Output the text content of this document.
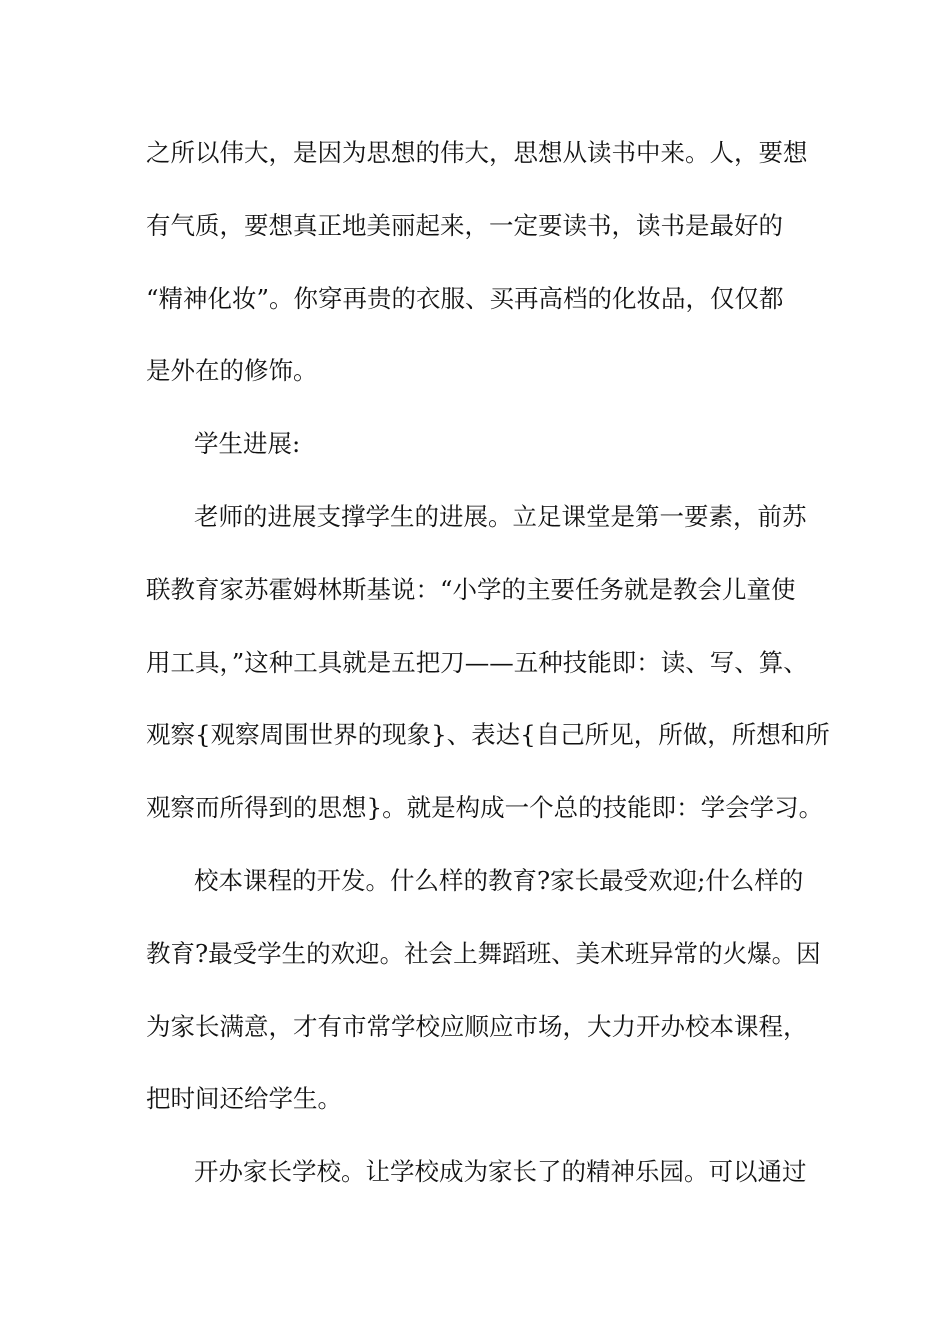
之所以伟大，是因为思想的伟大，思想从读书中来。人，要想
有气质，要想真正地美丽起来，一定要读书，读书是最好的
“精神化妆”。你穿再贵的衣服、买再高档的化妆品，仅仅都
是外在的修饰。
学生进展:
老师的进展支撑学生的进展。立足课堂是第一要素，前苏
联教育家苏霍姆林斯基说：“小学的主要任务就是教会儿童使
用工具，”这种工具就是五把刀——五种技能即：读、写、算、
观察{观察周围世界的现象}、表达{自己所见，所做，所想和所
观察而所得到的思想}。就是构成一个总的技能即：学会学习。
校本课程的开发。什么样的教育?家长最受欢迎;什么样的
教育?最受学生的欢迎。社会上舞蹈班、美术班异常的火爆。因
为家长满意，才有市常学校应顺应市场，大力开办校本课程，
把时间还给学生。
开办家长学校。让学校成为家长了的精神乐园。可以通过
